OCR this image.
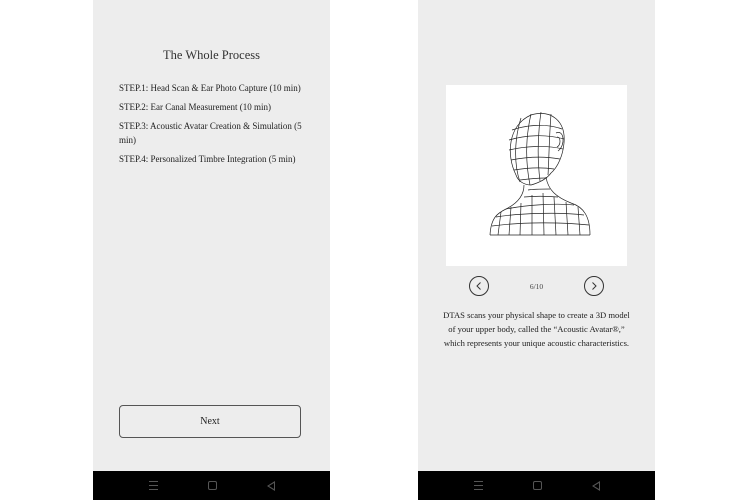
The Whole Process
STEP.1: Head Scan & Ear Photo Capture (10 min)
STEP.2: Ear Canal Measurement (10 min)
STEP.3: Acoustic Avatar Creation & Simulation (5 min)
STEP.4: Personalized Timbre Integration (5 min)
Next
6/10
DTAS scans your physical shape to create a 3D model of your upper body, called the “Acoustic Avatar®,” which represents your unique acoustic characteristics.
